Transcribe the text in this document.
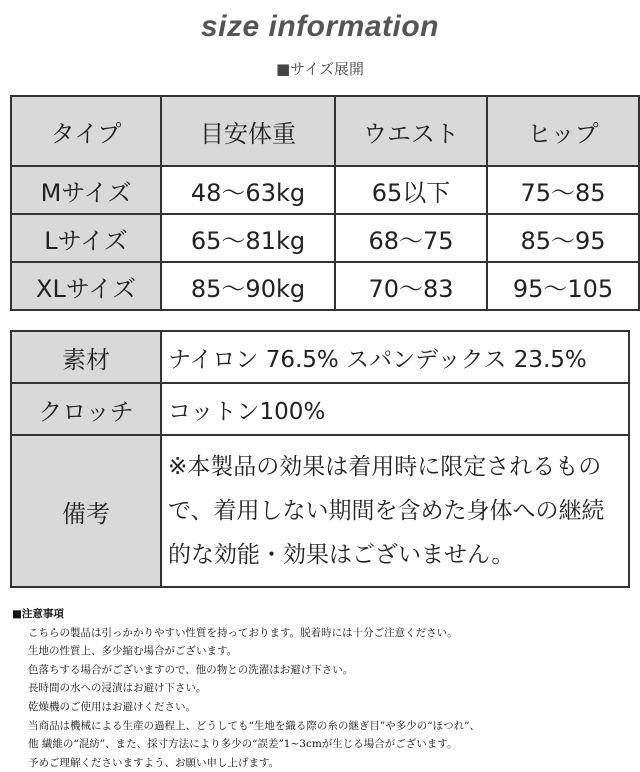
size information
■サイズ展開
タイプ	目安体重	ウエスト	ヒップ
Mサイズ	48～63kg	65以下	75～85
Lサイズ	65～81kg	68～75	85～95
XLサイズ	85～90kg	70～83	95～105
素材	ナイロン 76.5% スパンデックス 23.5%
クロッチ	コットン100%
備考	※本製品の効果は着用時に限定されるもの
で、着用しない期間を含めた身体への継続
的な効能・効果はございません。
■注意事項
こちらの製品は引っかかりやすい性質を持っております。脱着時には十分ご注意ください。
生地の性質上、多少縮む場合がございます。
色落ちする場合がございますので、他の物との洗濯はお避け下さい。
長時間の水への浸漬はお避け下さい。
乾燥機のご使用はお避けください。
当商品は機械による生産の過程上、どうしても“生地を織る際の糸の継ぎ目”や多少の“ほつれ”、
他 繊維の“混紡”、また、採寸方法により多少の“誤差”1~3cmが生じる場合がございます。
予めご理解くださいますよう、お願い申し上げます。
